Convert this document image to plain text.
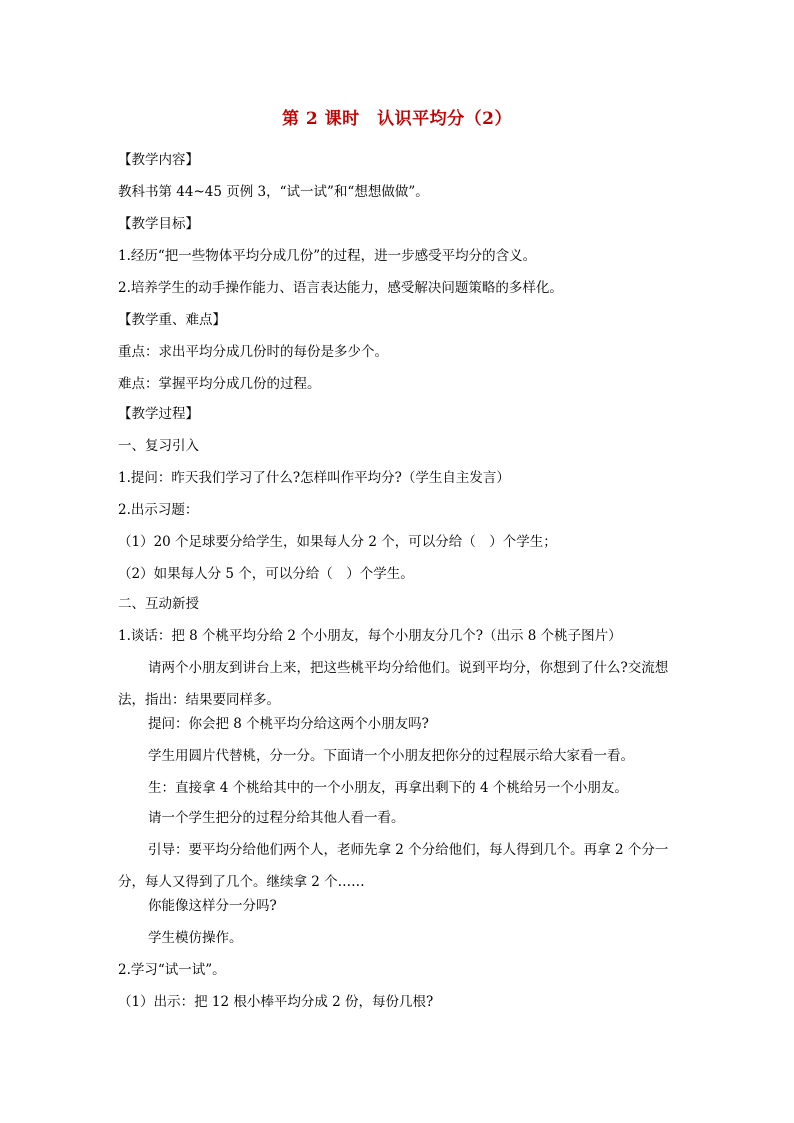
第 2 课时　认识平均分（2）
【教学内容】
教科书第 44~45 页例 3，“试一试”和“想想做做”。
【教学目标】
1.经历“把一些物体平均分成几份”的过程，进一步感受平均分的含义。
2.培养学生的动手操作能力、语言表达能力，感受解决问题策略的多样化。
【教学重、难点】
重点：求出平均分成几份时的每份是多少个。
难点：掌握平均分成几份的过程。
【教学过程】
一、复习引入
1.提问：昨天我们学习了什么?怎样叫作平均分?（学生自主发言）
2.出示习题：
（1）20 个足球要分给学生，如果每人分 2 个，可以分给（　）个学生；
（2）如果每人分 5 个，可以分给（　）个学生。
二、互动新授
1.谈话：把 8 个桃平均分给 2 个小朋友，每个小朋友分几个?（出示 8 个桃子图片）
请两个小朋友到讲台上来，把这些桃平均分给他们。说到平均分，你想到了什么?交流想法，指出：结果要同样多。
提问：你会把 8 个桃平均分给这两个小朋友吗?
学生用圆片代替桃，分一分。下面请一个小朋友把你分的过程展示给大家看一看。
生：直接拿 4 个桃给其中的一个小朋友，再拿出剩下的 4 个桃给另一个小朋友。
请一个学生把分的过程分给其他人看一看。
引导：要平均分给他们两个人，老师先拿 2 个分给他们，每人得到几个。再拿 2 个分一分，每人又得到了几个。继续拿 2 个……
你能像这样分一分吗?
学生模仿操作。
2.学习“试一试”。
（1）出示：把 12 根小棒平均分成 2 份，每份几根?
